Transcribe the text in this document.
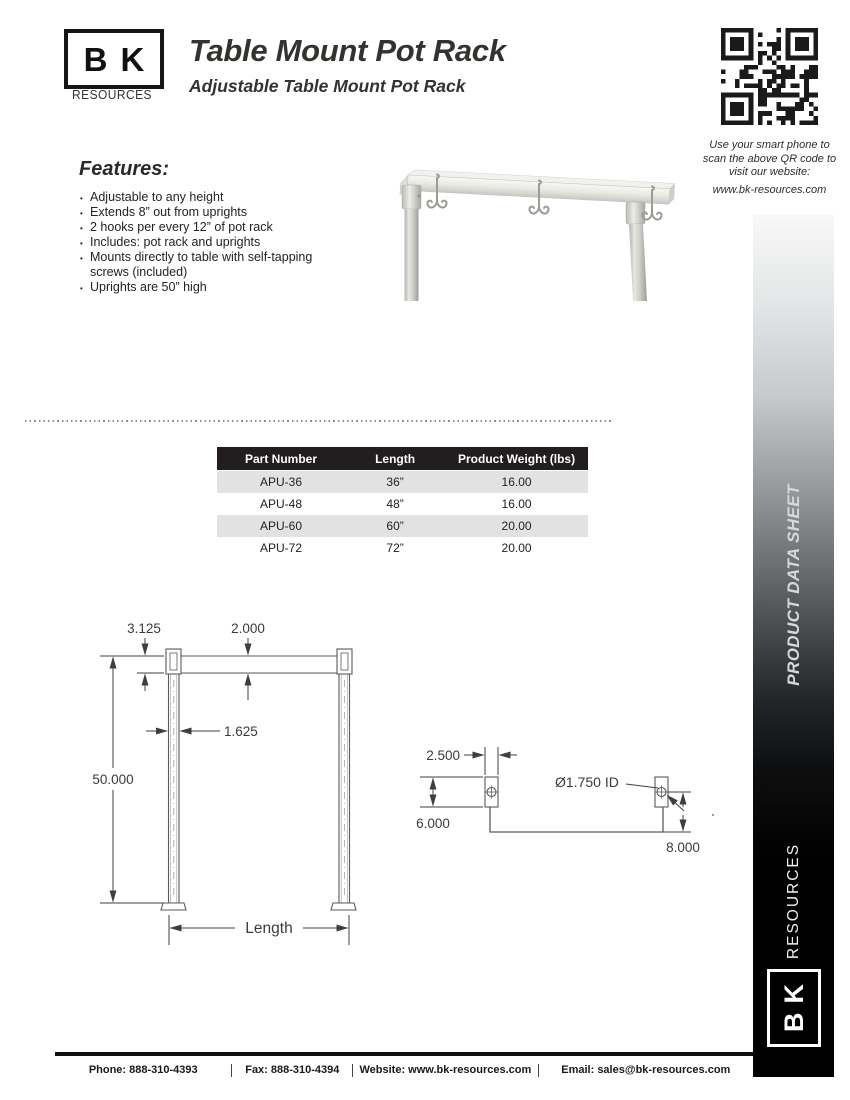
BK
RESOURCES
Table Mount Pot Rack
Adjustable Table Mount Pot Rack
Use your smart phone to
scan the above QR code to
visit our website:
www.bk-resources.com
Features:
• Adjustable to any height
• Extends 8” out from uprights
• 2 hooks per every 12” of pot rack
• Includes: pot rack and uprights
• Mounts directly to table with self-tapping screws (included)
• Uprights are 50” high
Part Number	Length	Product Weight (lbs)
APU-36	36”	16.00
APU-48	48”	16.00
APU-60	60”	20.00
APU-72	72”	20.00
3.125	2.000
50.000
1.625
Length
2.500
6.000
Ø1.750 ID
8.000
PRODUCT DATA SHEET
RESOURCES
BK
Phone: 888-310-4393	Fax: 888-310-4394	Website: www.bk-resources.com	Email: sales@bk-resources.com
